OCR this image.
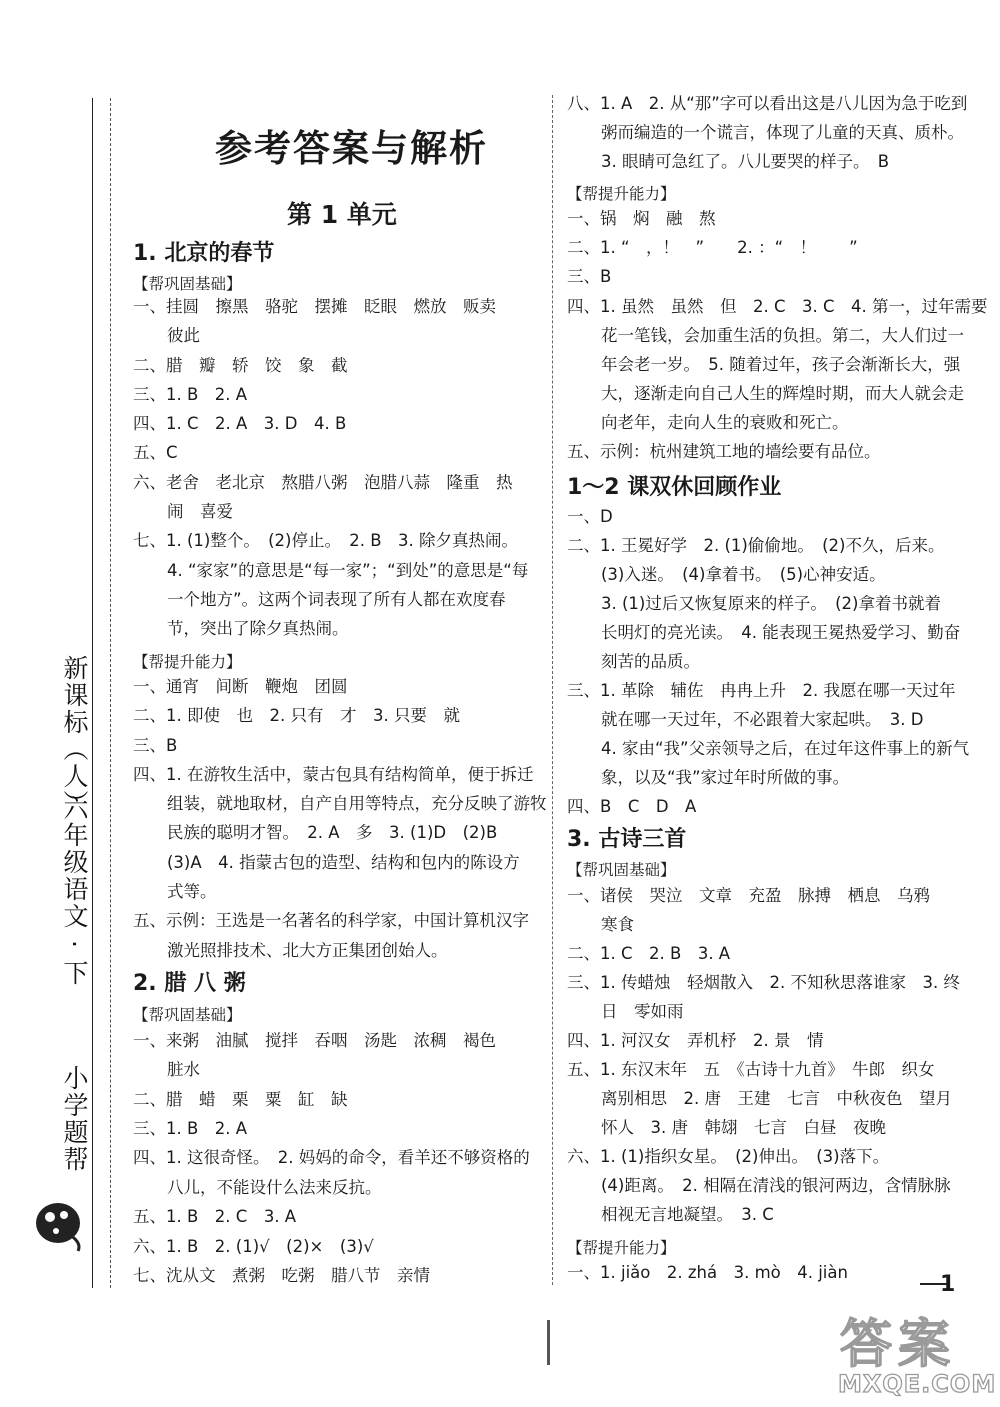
新课标（人）
六年级语文 · 下
小学题帮
参考答案与解析
第 1 单元
1. 北京的春节
【帮巩固基础】
一、挂圆　擦黑　骆驼　摆摊　眨眼　燃放　贩卖
彼此
二、腊　瓣　轿　饺　象　截
三、1. B　2. A
四、1. C　2. A　3. D　4. B
五、C
六、老舍　老北京　熬腊八粥　泡腊八蒜　隆重　热
闹　喜爱
七、1. (1)整个。　(2)停止。　2. B　3. 除夕真热闹。
4. “家家”的意思是“每一家”；“到处”的意思是“每
一个地方”。这两个词表现了所有人都在欢度春
节，突出了除夕真热闹。
【帮提升能力】
一、通宵　间断　鞭炮　团圆
二、1. 即使　也　2. 只有　才　3. 只要　就
三、B
四、1. 在游牧生活中，蒙古包具有结构简单，便于拆迁
组装，就地取材，自产自用等特点，充分反映了游牧
民族的聪明才智。　2. A　多　3. (1)D　(2)B
(3)A　4. 指蒙古包的造型、结构和包内的陈设方
式等。
五、示例：王选是一名著名的科学家，中国计算机汉字
激光照排技术、北大方正集团创始人。
2. 腊 八 粥
【帮巩固基础】
一、来粥　油腻　搅拌　吞咽　汤匙　浓稠　褐色
脏水
二、腊　蜡　栗　粟　缸　缺
三、1. B　2. A
四、1. 这很奇怪。　2. 妈妈的命令，看羊还不够资格的
八儿，不能设什么法来反抗。
五、1. B　2. C　3. A
六、1. B　2. (1)√　(2)×　(3)√
七、沈从文　煮粥　吃粥　腊八节　亲情
八、1. A　2. 从“那”字可以看出这是八儿因为急于吃到
粥而编造的一个谎言，体现了儿童的天真、质朴。
3. 眼睛可急红了。八儿要哭的样子。　B
【帮提升能力】
一、锅　焖　融　熬
二、1. “　，！　”　　2. ：“　！　　”
三、B
四、1. 虽然　虽然　但　2. C　3. C　4. 第一，过年需要
花一笔钱，会加重生活的负担。第二，大人们过一
年会老一岁。　5. 随着过年，孩子会渐渐长大，强
大，逐渐走向自己人生的辉煌时期，而大人就会走
向老年，走向人生的衰败和死亡。
五、示例：杭州建筑工地的墙绘要有品位。
1～2 课双休回顾作业
一、D
二、1. 王冕好学　2. (1)偷偷地。　(2)不久，后来。
(3)入迷。　(4)拿着书。　(5)心神安适。
3. (1)过后又恢复原来的样子。　(2)拿着书就着
长明灯的亮光读。　4. 能表现王冕热爱学习、勤奋
刻苦的品质。
三、1. 革除　辅佐　冉冉上升　2. 我愿在哪一天过年
就在哪一天过年，不必跟着大家起哄。　3. D
4. 家由“我”父亲领导之后，在过年这件事上的新气
象，以及“我”家过年时所做的事。
四、B　C　D　A
3. 古诗三首
【帮巩固基础】
一、诸侯　哭泣　文章　充盈　脉搏　栖息　乌鸦
寒食
二、1. C　2. B　3. A
三、1. 传蜡烛　轻烟散入　2. 不知秋思落谁家　3. 终
日　零如雨
四、1. 河汉女　弄机杼　2. 景　情
五、1. 东汉末年　五　《古诗十九首》　牛郎　织女
离别相思　2. 唐　王建　七言　中秋夜色　望月
怀人　3. 唐　韩翃　七言　白昼　夜晚
六、1. (1)指织女星。　(2)伸出。　(3)落下。
(4)距离。　2. 相隔在清浅的银河两边，含情脉脉
相视无言地凝望。　3. C
【帮提升能力】
一、1. jiǎo　2. zhá　3. mò　4. jiàn	1
答案
MXQE.COM
